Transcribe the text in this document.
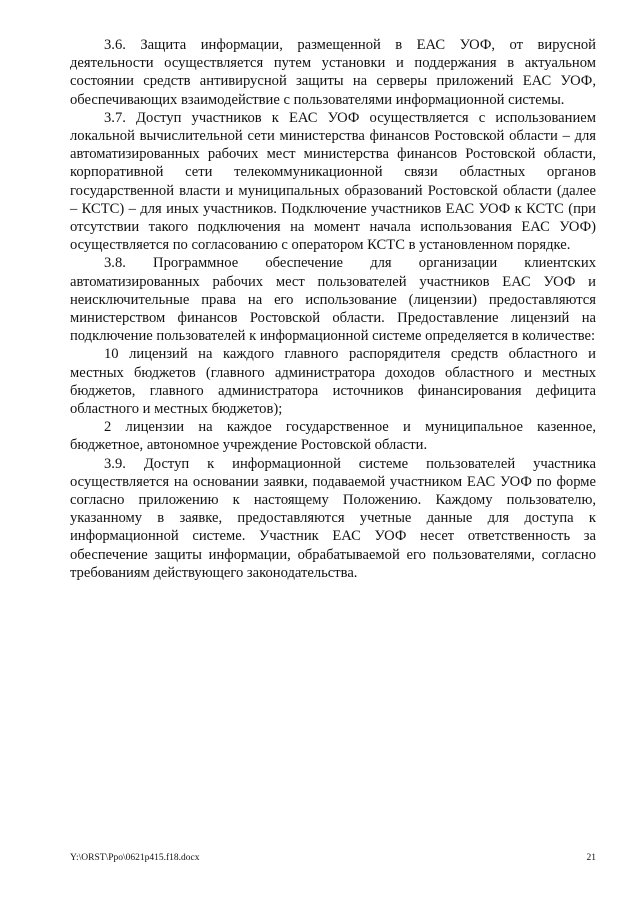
3.6. Защита информации, размещенной в ЕАС УОФ, от вирусной деятельности осуществляется путем установки и поддержания в актуальном состоянии средств антивирусной защиты на серверы приложений ЕАС УОФ, обеспечивающих взаимодействие с пользователями информационной системы.

3.7. Доступ участников к ЕАС УОФ осуществляется с использованием локальной вычислительной сети министерства финансов Ростовской области – для автоматизированных рабочих мест министерства финансов Ростовской области, корпоративной сети телекоммуникационной связи областных органов государственной власти и муниципальных образований Ростовской области (далее – КСТС) – для иных участников. Подключение участников ЕАС УОФ к КСТС (при отсутствии такого подключения на момент начала использования ЕАС УОФ) осуществляется по согласованию с оператором КСТС в установленном порядке.

3.8. Программное обеспечение для организации клиентских автоматизированных рабочих мест пользователей участников ЕАС УОФ и неисключительные права на его использование (лицензии) предоставляются министерством финансов Ростовской области. Предоставление лицензий на подключение пользователей к информационной системе определяется в количестве:

10 лицензий на каждого главного распорядителя средств областного и местных бюджетов (главного администратора доходов областного и местных бюджетов, главного администратора источников финансирования дефицита областного и местных бюджетов);

2 лицензии на каждое государственное и муниципальное казенное, бюджетное, автономное учреждение Ростовской области.

3.9. Доступ к информационной системе пользователей участника осуществляется на основании заявки, подаваемой участником ЕАС УОФ по форме согласно приложению к настоящему Положению. Каждому пользователю, указанному в заявке, предоставляются учетные данные для доступа к информационной системе. Участник ЕАС УОФ несет ответственность за обеспечение защиты информации, обрабатываемой его пользователями, согласно требованиям действующего законодательства.

Y:\ORST\Ppo\0621p415.f18.docx	21
